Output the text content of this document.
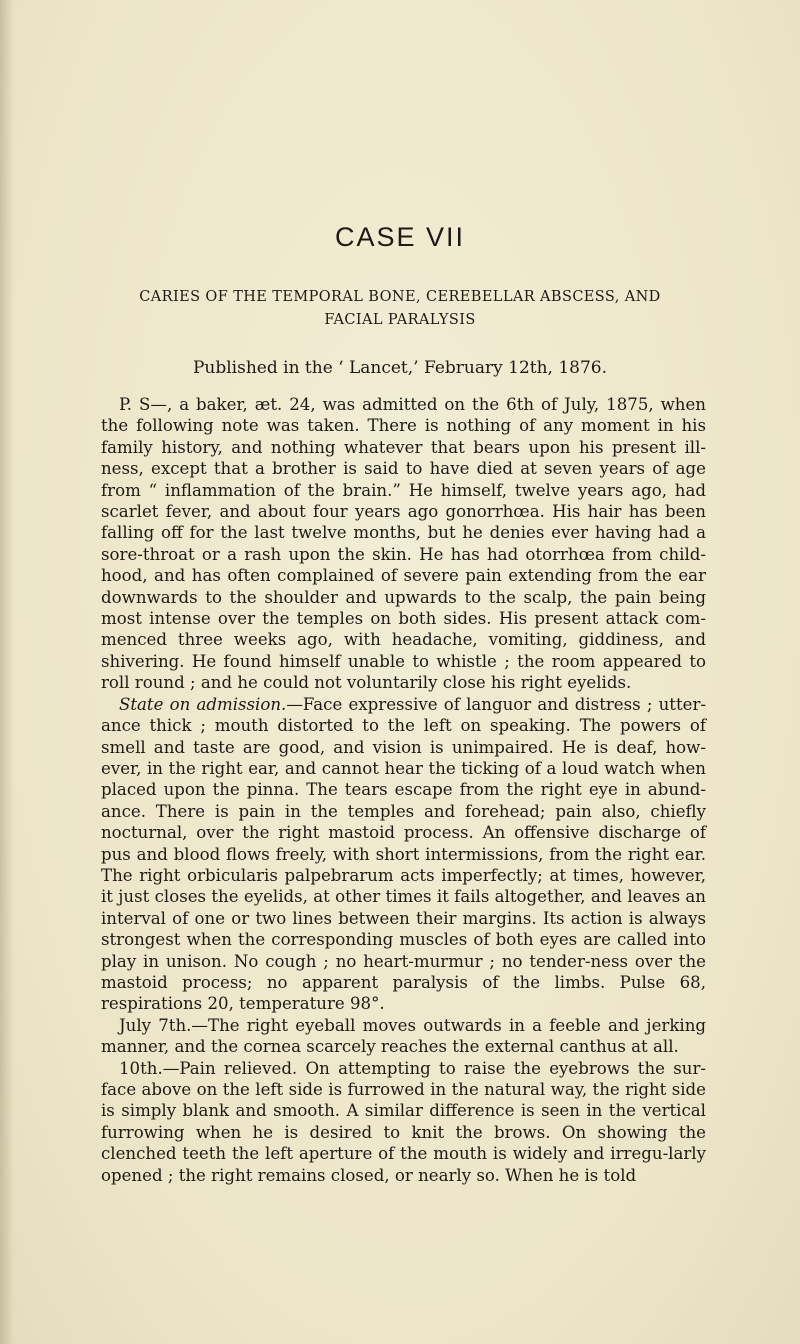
CASE VII

CARIES OF THE TEMPORAL BONE, CEREBELLAR ABSCESS, AND FACIAL PARALYSIS

Published in the ‘ Lancet,’ February 12th, 1876.

P. S—, a baker, æt. 24, was admitted on the 6th of July, 1875, when the following note was taken. There is nothing of any moment in his family history, and nothing whatever that bears upon his present ill-ness, except that a brother is said to have died at seven years of age from “ inflammation of the brain.” He himself, twelve years ago, had scarlet fever, and about four years ago gonorrhœa. His hair has been falling off for the last twelve months, but he denies ever having had a sore-throat or a rash upon the skin. He has had otorrhœa from child-hood, and has often complained of severe pain extending from the ear downwards to the shoulder and upwards to the scalp, the pain being most intense over the temples on both sides. His present attack com-menced three weeks ago, with headache, vomiting, giddiness, and shivering. He found himself unable to whistle ; the room appeared to roll round ; and he could not voluntarily close his right eyelids.

State on admission.—Face expressive of languor and distress ; utter-ance thick ; mouth distorted to the left on speaking. The powers of smell and taste are good, and vision is unimpaired. He is deaf, how-ever, in the right ear, and cannot hear the ticking of a loud watch when placed upon the pinna. The tears escape from the right eye in abund-ance. There is pain in the temples and forehead; pain also, chiefly nocturnal, over the right mastoid process. An offensive discharge of pus and blood flows freely, with short intermissions, from the right ear. The right orbicularis palpebrarum acts imperfectly; at times, however, it just closes the eyelids, at other times it fails altogether, and leaves an interval of one or two lines between their margins. Its action is always strongest when the corresponding muscles of both eyes are called into play in unison. No cough ; no heart-murmur ; no tender-ness over the mastoid process; no apparent paralysis of the limbs. Pulse 68, respirations 20, temperature 98°.

July 7th.—The right eyeball moves outwards in a feeble and jerking manner, and the cornea scarcely reaches the external canthus at all.

10th.—Pain relieved. On attempting to raise the eyebrows the sur-face above on the left side is furrowed in the natural way, the right side is simply blank and smooth. A similar difference is seen in the vertical furrowing when he is desired to knit the brows. On showing the clenched teeth the left aperture of the mouth is widely and irregu-larly opened ; the right remains closed, or nearly so. When he is told
